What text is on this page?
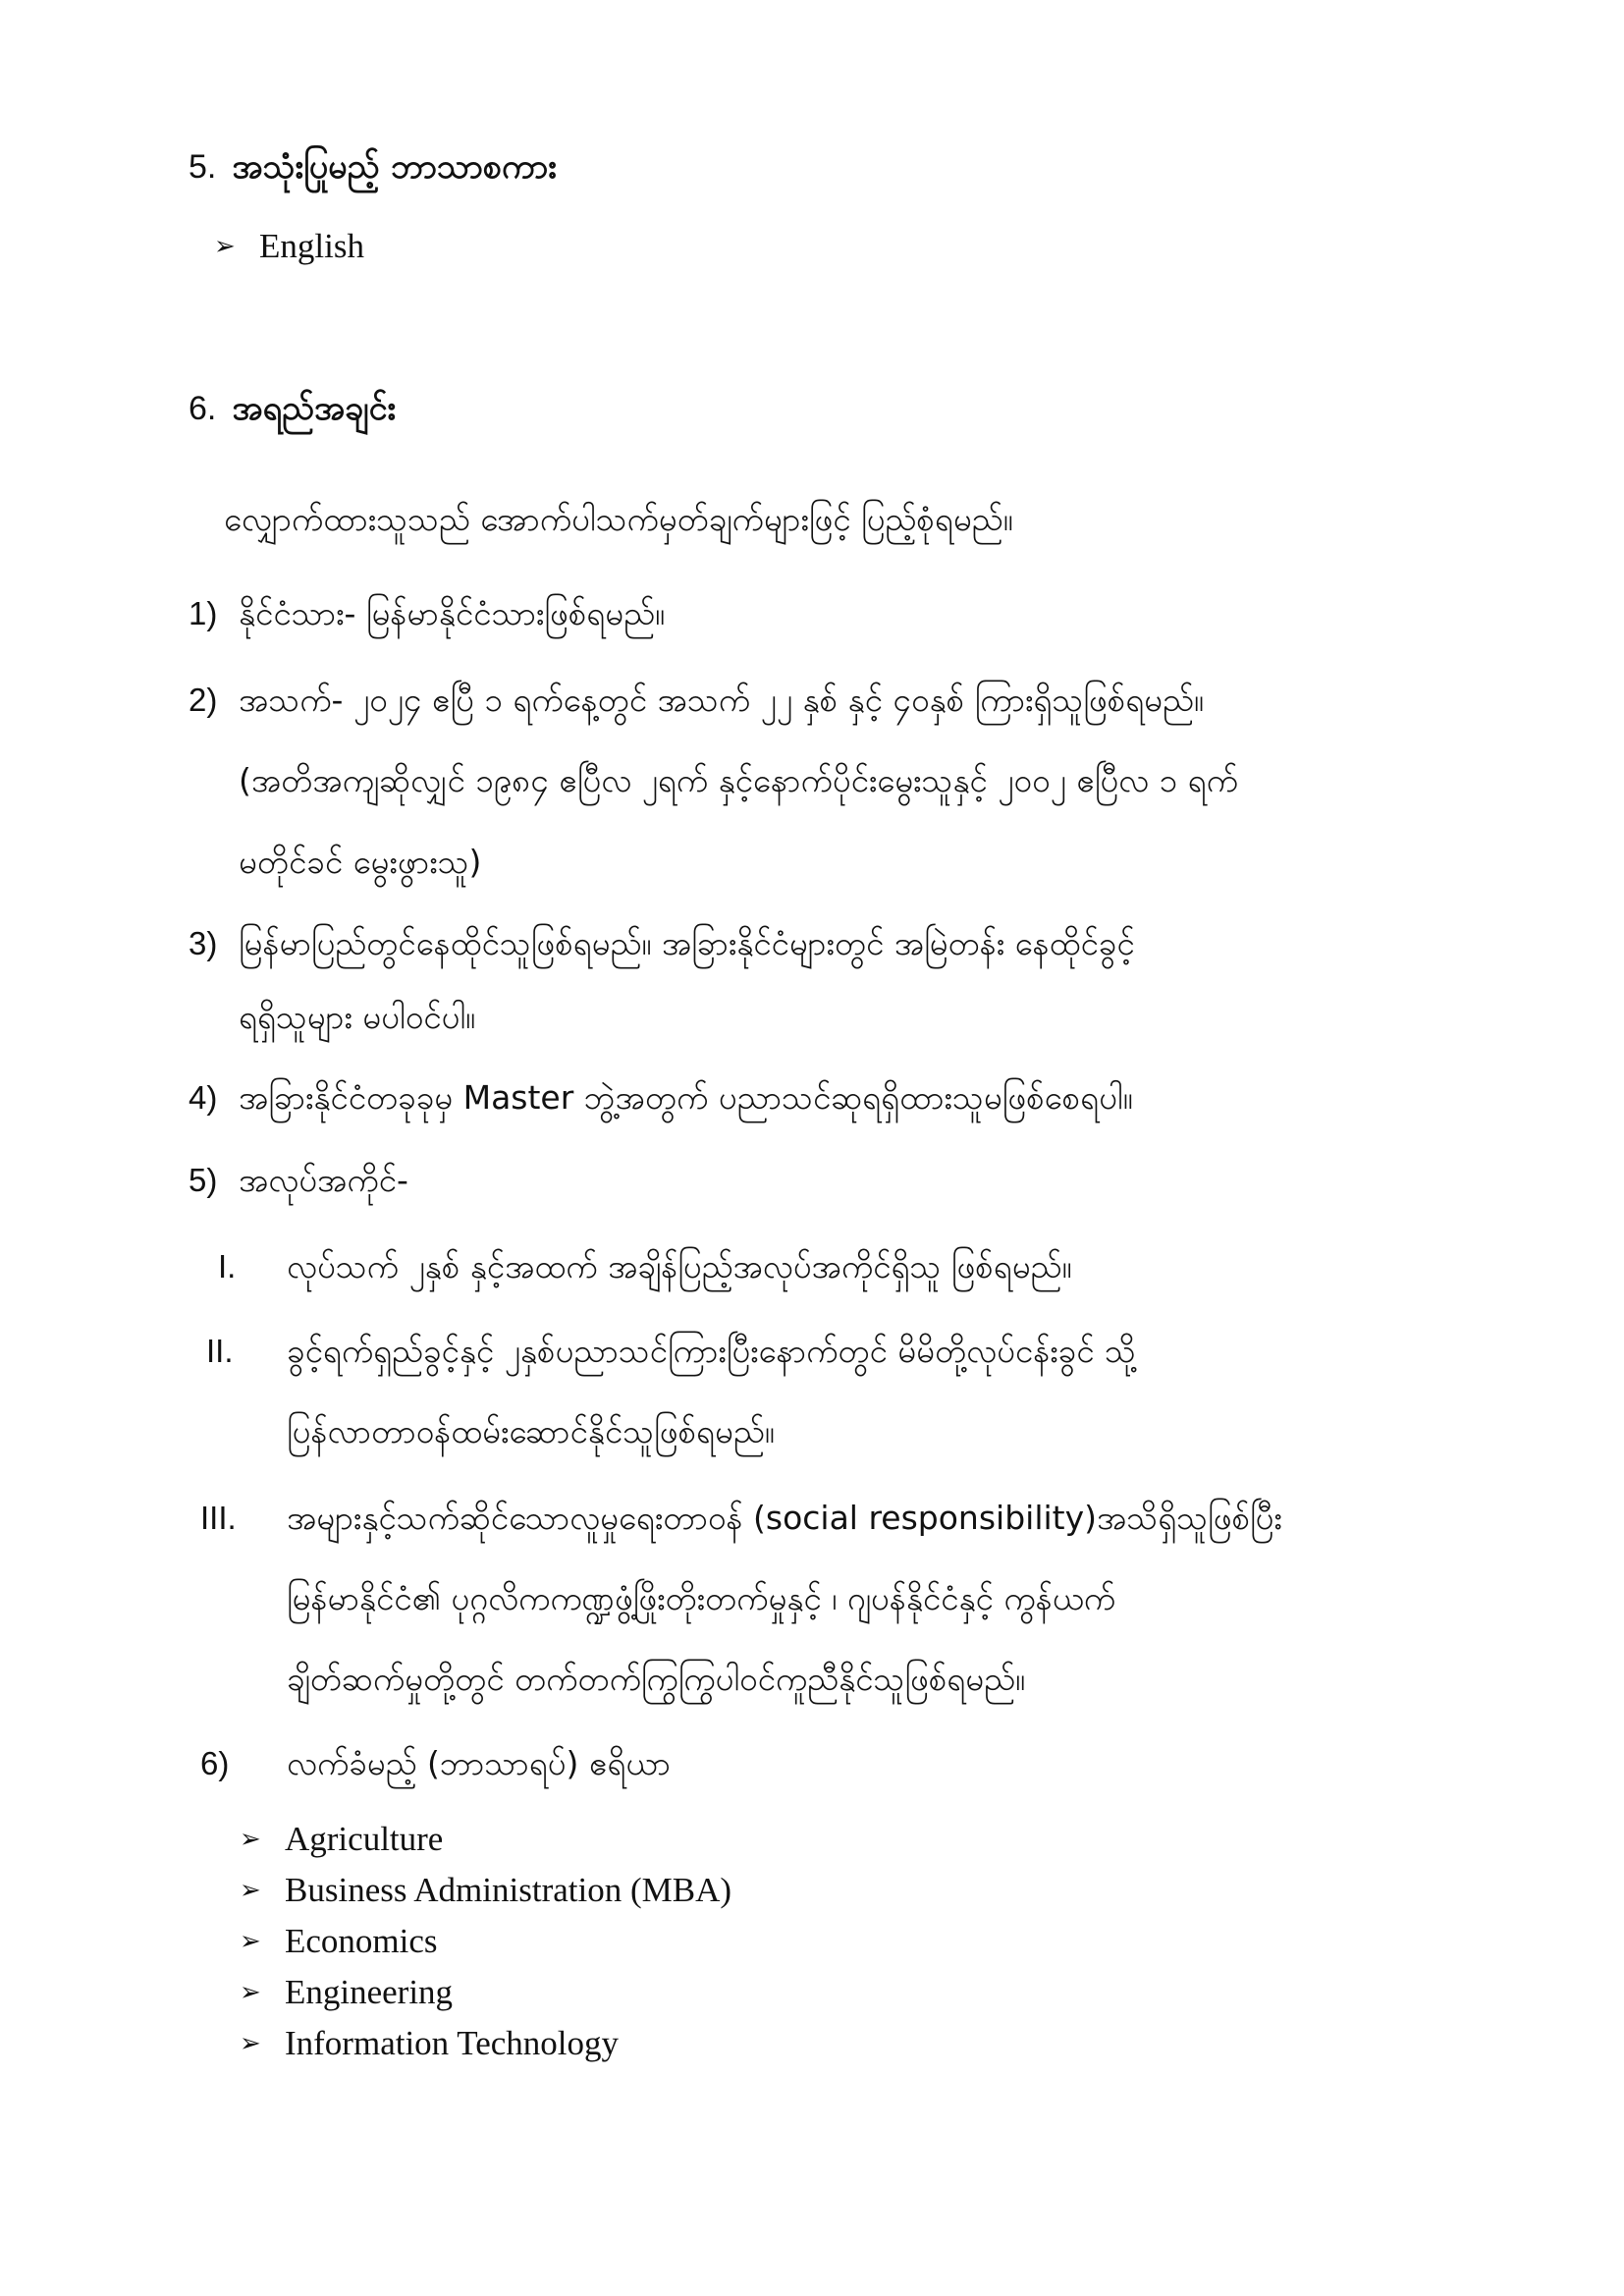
5. အသုံးပြုမည့် ဘာသာစကား
➢ English
6. အရည်အချင်း
လျှောက်ထားသူသည် အောက်ပါသက်မှတ်ချက်များဖြင့် ပြည့်စုံရမည်။
1) နိုင်ငံသား- မြန်မာနိုင်ငံသားဖြစ်ရမည်။
2) အသက်- ၂၀၂၄ ဧပြီ ၁ ရက်နေ့တွင် အသက် ၂၂ နှစ် နှင့် ၄၀နှစ် ကြားရှိသူဖြစ်ရမည်။
(အတိအကျဆိုလျှင် ၁၉၈၄ ဧပြီလ ၂ရက် နှင့်နောက်ပိုင်းမွေးသူနှင့် ၂၀၀၂ ဧပြီလ ၁ ရက်
မတိုင်ခင် မွေးဖွားသူ)
3) မြန်မာပြည်တွင်နေထိုင်သူဖြစ်ရမည်။ အခြားနိုင်ငံများတွင် အမြဲတန်း နေထိုင်ခွင့်
ရရှိသူများ မပါဝင်ပါ။
4) အခြားနိုင်ငံတခုခုမှ Master ဘွဲ့အတွက် ပညာသင်ဆုရရှိထားသူမဖြစ်စေရပါ။
5) အလုပ်အကိုင်-
I. လုပ်သက် ၂နှစ် နှင့်အထက် အချိန်ပြည့်အလုပ်အကိုင်ရှိသူ ဖြစ်ရမည်။
II. ခွင့်ရက်ရှည်ခွင့်နှင့် ၂နှစ်ပညာသင်ကြားပြီးနောက်တွင် မိမိတို့လုပ်ငန်းခွင် သို့
ပြန်လာတာဝန်ထမ်းဆောင်နိုင်သူဖြစ်ရမည်။
III. အများနှင့်သက်ဆိုင်သောလူမှုရေးတာဝန် (social responsibility)အသိရှိသူဖြစ်ပြီး
မြန်မာနိုင်ငံ၏ ပုဂ္ဂလိကကဏ္ဍဖွံ့ဖြိုးတိုးတက်မှုနှင့် ၊ ဂျပန်နိုင်ငံနှင့် ကွန်ယက်
ချိတ်ဆက်မှုတို့တွင် တက်တက်ကြွကြွပါဝင်ကူညီနိုင်သူဖြစ်ရမည်။
6) လက်ခံမည့် (ဘာသာရပ်) ဧရိယာ
➢ Agriculture
➢ Business Administration (MBA)
➢ Economics
➢ Engineering
➢ Information Technology
